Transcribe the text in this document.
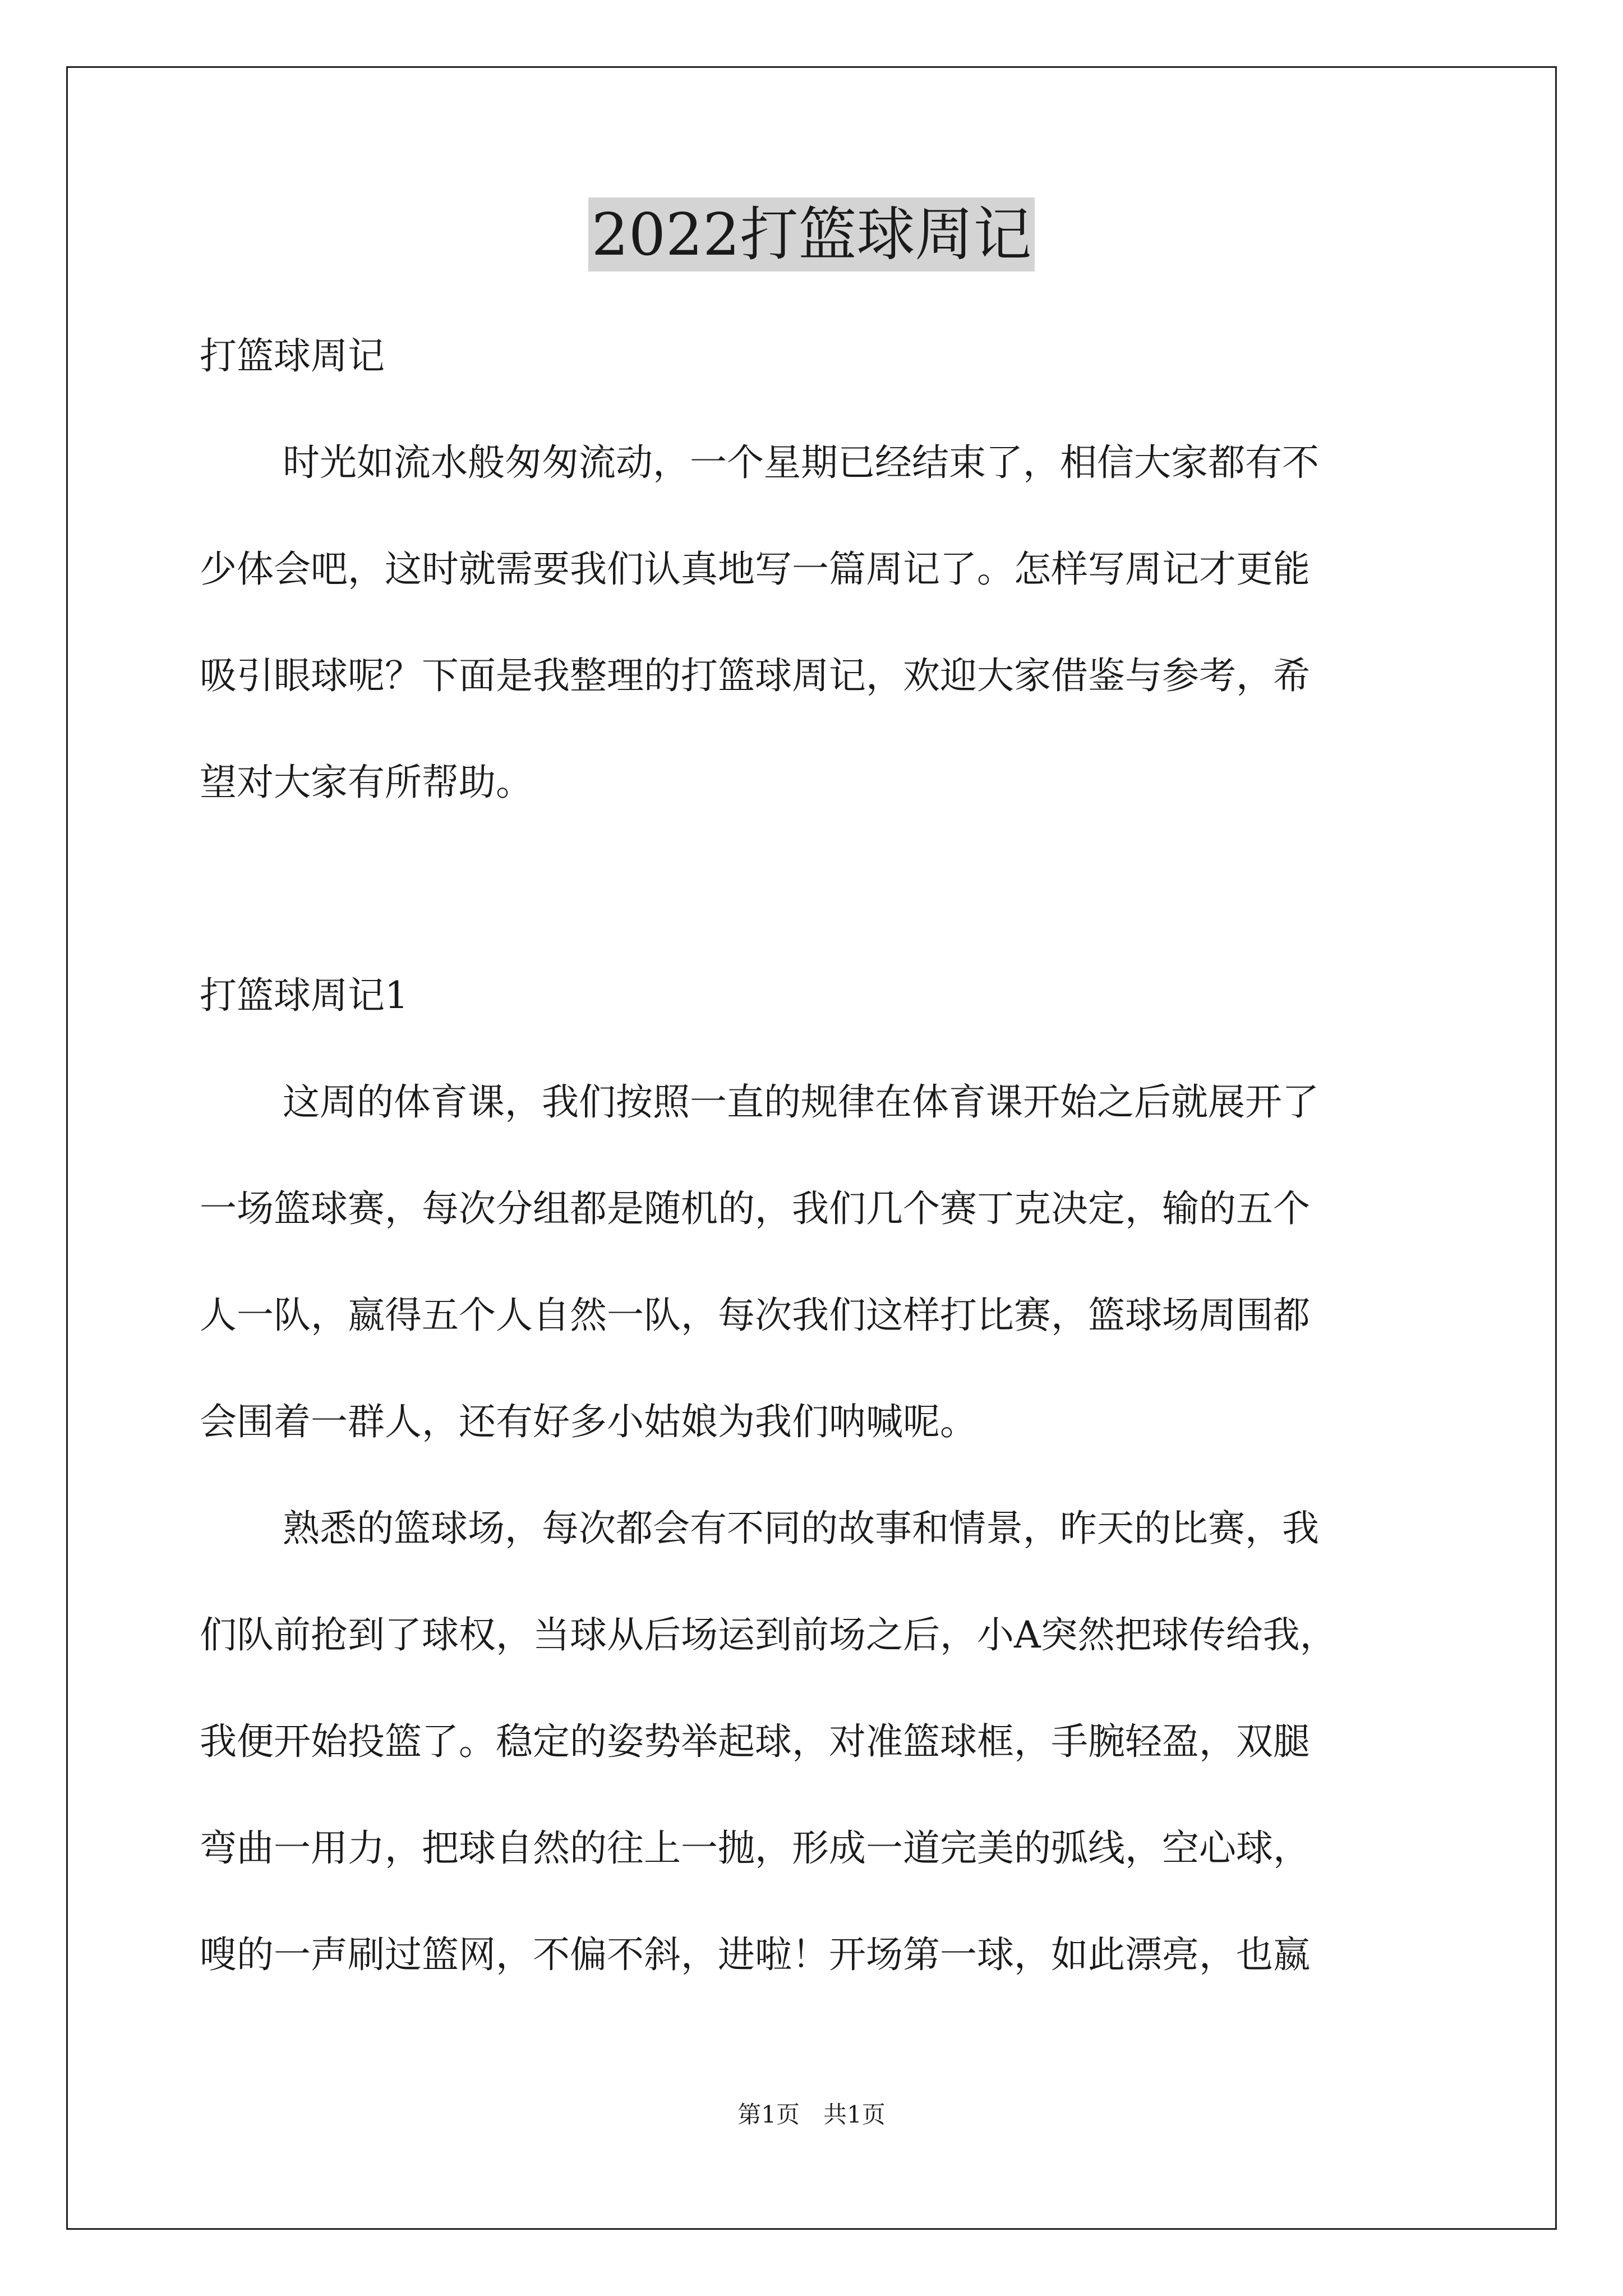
2022打篮球周记

打篮球周记

时光如流水般匆匆流动，一个星期已经结束了，相信大家都有不
少体会吧，这时就需要我们认真地写一篇周记了。怎样写周记才更能
吸引眼球呢？下面是我整理的打篮球周记，欢迎大家借鉴与参考，希
望对大家有所帮助。

打篮球周记1

这周的体育课，我们按照一直的规律在体育课开始之后就展开了
一场篮球赛，每次分组都是随机的，我们几个赛丁克决定，输的五个
人一队，嬴得五个人自然一队，每次我们这样打比赛，篮球场周围都
会围着一群人，还有好多小姑娘为我们呐喊呢。

熟悉的篮球场，每次都会有不同的故事和情景，昨天的比赛，我
们队前抢到了球权，当球从后场运到前场之后，小A突然把球传给我，
我便开始投篮了。稳定的姿势举起球，对准篮球框，手腕轻盈，双腿
弯曲一用力，把球自然的往上一抛，形成一道完美的弧线，空心球，
嗖的一声刷过篮网，不偏不斜，进啦！开场第一球，如此漂亮，也嬴

第1页　共1页
